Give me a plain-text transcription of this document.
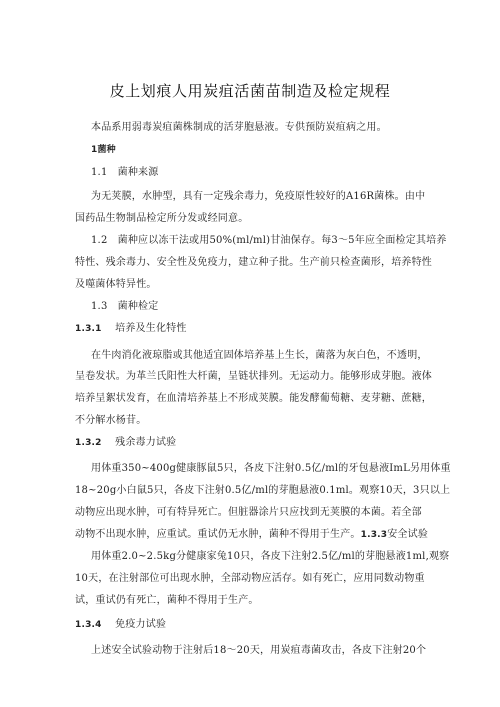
皮上划痕人用炭疽活菌苗制造及检定规程
本品系用弱毒炭疽菌株制成的活芽胞悬液。专供预防炭疽病之用。
1菌种
1.1 菌种来源
为无荚膜，水肿型，具有一定残余毒力，免疫原性较好的A16R菌株。由中
国药品生物制品检定所分发或经同意。
1.2 菌种应以冻干法或用50%(ml/ml)甘油保存。每3～5年应全面检定其培养
特性、残余毒力、安全性及免疫力，建立种子批。生产前只检查菌形，培养特性
及噬菌体特异性。
1.3 菌种检定
1.3.1 培养及生化特性
在牛肉消化液琼脂或其他适宜固体培养基上生长，菌落为灰白色，不透明，
呈卷发状。为革兰氏阳性大杆菌，呈链状排列。无运动力。能够形成芽胞。液体
培养呈絮状发育，在血清培养基上不形成荚膜。能发酵葡萄糖、麦芽糖、蔗糖，
不分解水杨苷。
1.3.2 残余毒力试验
用体重350~400g健康豚鼠5只，各皮下注射0.5亿/ml的牙包悬液ImL另用体重
18~20g小白鼠5只，各皮下注射0.5亿/ml的芽胞悬液0.1ml。观察10天，3只以上
动物应出现水肿，可有特异死亡。但脏器涂片只应找到无荚膜的本菌。若全部
动物不出现水肿，应重试。重试仍无水肿，菌种不得用于生产。1.3.3安全试验
用体重2.0~2.5kg分健康家兔10只，各皮下注射2.5亿/ml的芽胞悬液1ml,观察
10天，在注射部位可出现水肿，全部动物应活存。如有死亡，应用同数动物重
试，重试仍有死亡，菌种不得用于生产。
1.3.4 免疫力试验
上述安全试验动物于注射后18～20天，用炭疽毒菌攻击，各皮下注射20个
